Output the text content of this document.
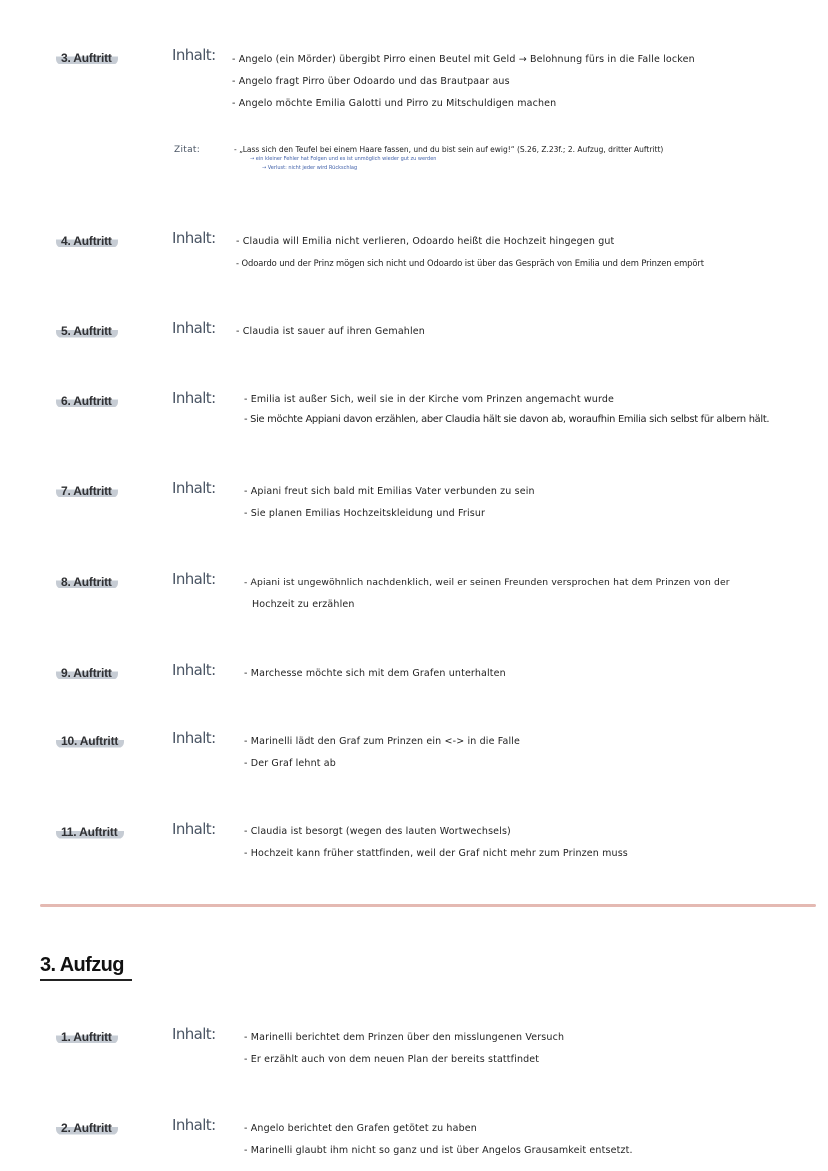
3. Auftritt	Inhalt: - Angelo (ein Mörder) übergibt Pirro einen Beutel mit Geld → Belohnung fürs in die Falle locken
- Angelo fragt Pirro über Odoardo und das Brautpaar aus
- Angelo möchte Emilia Galotti und Pirro zu Mitschuldigen machen
Zitat:	- „Lass sich den Teufel bei einem Haare fassen, und du bist sein auf ewig!“ (S.26, Z.23f.; 2. Aufzug, dritter Auftritt)
→ ein kleiner Fehler hat Folgen und es ist unmöglich wieder gut zu werden
→ Verlust: nicht jeder wird Rückschlag
4. Auftritt	Inhalt: - Claudia will Emilia nicht verlieren, Odoardo heißt die Hochzeit hingegen gut
- Odoardo und der Prinz mögen sich nicht und Odoardo ist über das Gespräch von Emilia und dem Prinzen empört
5. Auftritt	Inhalt: - Claudia ist sauer auf ihren Gemahlen
6. Auftritt	Inhalt:	- Emilia ist außer Sich, weil sie in der Kirche vom Prinzen angemacht wurde
- Sie möchte Appiani davon erzählen, aber Claudia hält sie davon ab, woraufhin Emilia sich selbst für albern hält.
7. Auftritt	Inhalt:	- Apiani freut sich bald mit Emilias Vater verbunden zu sein
- Sie planen Emilias Hochzeitskleidung und Frisur
8. Auftritt	Inhalt:	- Apiani ist ungewöhnlich nachdenklich, weil er seinen Freunden versprochen hat dem Prinzen von der
Hochzeit zu erzählen
9. Auftritt	Inhalt:	- Marchesse möchte sich mit dem Grafen unterhalten
10. Auftritt	Inhalt:	- Marinelli lädt den Graf zum Prinzen ein <-> in die Falle
- Der Graf lehnt ab
11. Auftritt	Inhalt:	- Claudia ist besorgt (wegen des lauten Wortwechsels)
- Hochzeit kann früher stattfinden, weil der Graf nicht mehr zum Prinzen muss
3. Aufzug
1. Auftritt	Inhalt:	- Marinelli berichtet dem Prinzen über den misslungenen Versuch
- Er erzählt auch von dem neuen Plan der bereits stattfindet
2. Auftritt	Inhalt:	- Angelo berichtet den Grafen getötet zu haben
- Marinelli glaubt ihm nicht so ganz und ist über Angelos Grausamkeit entsetzt.
